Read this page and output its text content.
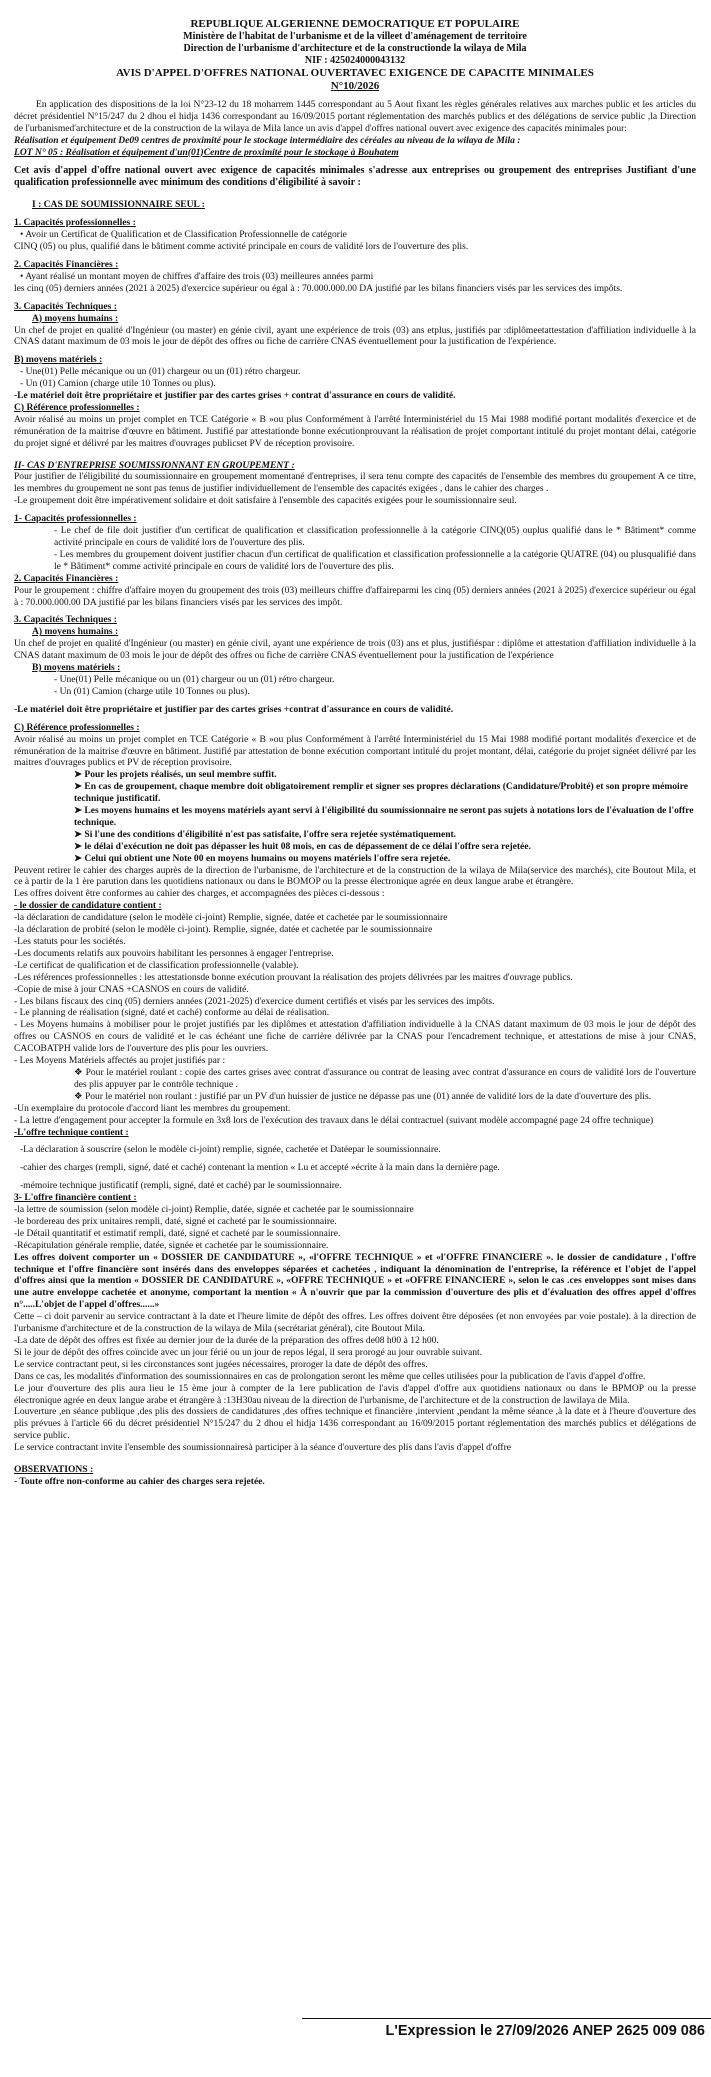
REPUBLIQUE ALGERIENNE DEMOCRATIQUE ET POPULAIRE
Ministère de l'habitat de l'urbanisme et de la villeet d'aménagement de territoire
Direction de l'urbanisme d'architecture et de la constructionde la wilaya de Mila
NIF : 425024000043132
AVIS D'APPEL D'OFFRES NATIONAL OUVERTAVEC EXIGENCE DE CAPACITE MINIMALES
N°10/2026

En application des dispositions de la loi N°23-12 du 18 moharrem 1445 correspondant au 5 Aout fixant les règles générales relatives aux marches public et les articles du décret présidentiel N°15/247 du 2 dhou el hidja 1436 correspondant au 16/09/2015 portant réglementation des marchés publics et des délégations de service public ,la Direction de l'urbanismed'architecture et de la construction de la wilaya de Mila lance un avis d'appel d'offres national ouvert avec exigence des capacités minimales pour:

Réalisation et équipement De09 centres de proximité pour le stockage intermédiaire des céréales au niveau de la wilaya de Mila :

LOT N° 05 : Réalisation et équipement d'un(01)Centre de proximité pour le stockage à Bouhatem

Cet avis d'appel d'offre national ouvert avec exigence de capacités minimales s'adresse aux entreprises ou groupement des entreprises Justifiant d'une qualification professionnelle avec minimum des conditions d'éligibilité à savoir :

I : CAS DE SOUMISSIONNAIRE SEUL :

1. Capacités professionnelles :

• Avoir un Certificat de Qualification et de Classification Professionnelle de catégorie

CINQ (05) ou plus, qualifié dans le bâtiment comme activité principale en cours de validité lors de l'ouverture des plis.

2. Capacités Financières :

• Ayant réalisé un montant moyen de chiffres d'affaire des trois (03) meilleures années parmi

les cinq (05) derniers années (2021 à 2025) d'exercice supérieur ou égal à : 70.000.000.00 DA justifié par les bilans financiers visés par les services des impôts.

3. Capacités Techniques :

A) moyens humains :

Un chef de projet en qualité d'Ingénieur (ou master) en génie civil, ayant une expérience de trois (03) ans etplus, justifiés par :diplômeetattestation d'affiliation individuelle à la CNAS datant maximum de 03 mois le jour de dépôt des offres ou fiche de carrière CNAS éventuellement pour la justification de l'expérience.

B) moyens matériels :

- Une(01) Pelle mécanique ou un (01) chargeur ou un (01) rétro chargeur.

- Un (01) Camion (charge utile 10 Tonnes ou plus).

-Le matériel doit être propriétaire et justifier par des cartes grises + contrat d'assurance en cours de validité.

C) Référence professionnelles :

Avoir réalisé au moins un projet complet en TCE Catégorie « B »ou plus Conformément à l'arrêté Interministériel du 15 Mai 1988 modifié portant modalités d'exercice et de rémunération de la maitrise d'œuvre en bâtiment. Justifié par attestationde bonne exécutionprouvant la réalisation de projet comportant intitulé du projet montant délai, catégorie du projet signé et délivré par les maitres d'ouvrages publicset PV de réception provisoire.

II- CAS D'ENTREPRISE SOUMISSIONNANT EN GROUPEMENT :

Pour justifier de l'éligibilité du soumissionnaire en groupement momentané d'entreprises, il sera tenu compte des capacités de l'ensemble des membres du groupement A ce titre, les membres du groupement ne sont pas tenus de justifier individuellement de l'ensemble des capacités exigées , dans le cahier des charges .

-Le groupement doit être impérativement solidaire et doit satisfaire à l'ensemble des capacités exigées pour le soumissionnaire seul.

1- Capacités professionnelles :

- Le chef de file doit justifier d'un certificat de qualification et classification professionnelle à la catégorie CINQ(05) ouplus qualifié dans le * Bâtiment* comme activité principale en cours de validité lors de l'ouverture des plis.

- Les membres du groupement doivent justifier chacun d'un certificat de qualification et classification professionnelle a la catégorie QUATRE (04) ou plusqualifié dans le * Bâtiment* comme activité principale en cours de validité lors de l'ouverture des plis.

2. Capacités Financières :

Pour le groupement : chiffre d'affaire moyen du groupement des trois (03) meilleurs chiffre d'affaireparmi les cinq (05) derniers années (2021 à 2025) d'exercice supérieur ou égal à : 70.000.000.00 DA justifié par les bilans financiers visés par les services des impôt.

3. Capacités Techniques :

A) moyens humains :

Un chef de projet en qualité d'Ingénieur (ou master) en génie civil, ayant une expérience de trois (03) ans et plus, justifiéspar : diplôme et attestation d'affiliation individuelle à la CNAS datant maximum de 03 mois le jour de dépôt des offres ou fiche de carrière CNAS éventuellement pour la justification de l'expérience

B) moyens matériels :

- Une(01) Pelle mécanique ou un (01) chargeur ou un (01) rétro chargeur.

- Un (01) Camion (charge utile 10 Tonnes ou plus).

-Le matériel doit être propriétaire et justifier par des cartes grises +contrat d'assurance en cours de validité.

C) Référence professionnelles :

Avoir réalisé au moins un projet complet en TCE Catégorie « B »ou plus Conformément à l'arrêté Interministériel du 15 Mai 1988 modifié portant modalités d'exercice et de rémunération de la maitrise d'œuvre en bâtiment. Justifié par attestation de bonne exécution comportant intitulé du projet montant, délai, catégorie du projet signéet délivré par les maitres d'ouvrages publics et PV de réception provisoire.

➤ Pour les projets réalisés, un seul membre suffit.

➤ En cas de groupement, chaque membre doit obligatoirement remplir et signer ses propres déclarations (Candidature/Probité) et son propre mémoire technique justificatif.

➤ Les moyens humains et les moyens matériels ayant servi à l'éligibilité du soumissionnaire ne seront pas sujets à notations lors de l'évaluation de l'offre technique.

➤ Si l'une des conditions d'éligibilité n'est pas satisfaite, l'offre sera rejetée systématiquement.

➤ le délai d'exécution ne doit pas dépasser les huit 08 mois, en cas de dépassement de ce délai l'offre sera rejetée.

➤ Celui qui obtient une Note 00 en moyens humains ou moyens matériels l'offre sera rejetée.

Peuvent retirer le cahier des charges auprès de la direction de l'urbanisme, de l'architecture et de la construction de la wilaya de Mila(service des marchés), cite Boutout Mila, et ce à partir de la 1 ère parution dans les quotidiens nationaux ou dans le BOMOP ou la presse électronique agrée en deux langue arabe et étrangère.

Les offres doivent être conformes au cahier des charges, et accompagnées des pièces ci-dessous :

- le dossier de candidature contient :

-la déclaration de candidature (selon le modèle ci-joint) Remplie, signée, datée et cachetée par le soumissionnaire

-la déclaration de probité (selon le modèle ci-joint). Remplie, signée, datée et cachetée par le soumissionnaire

-Les statuts pour les sociétés.

-Les documents relatifs aux pouvoirs habilitant les personnes à engager l'entreprise.

-Le certificat de qualification et de classification professionnelle (valable).

-Les références professionnelles : les attestationsde bonne exécution prouvant la réalisation des projets délivrées par les maitres d'ouvrage publics.

-Copie de mise à jour CNAS +CASNOS en cours de validité.

- Les bilans fiscaux des cinq (05) derniers années (2021-2025) d'exercice dument certifiés et visés par les services des impôts.

- Le planning de réalisation (signé, daté et caché) conforme au délai de réalisation.

- Les Moyens humains à mobiliser pour le projet justifiés par les diplômes et attestation d'affiliation individuelle à la CNAS datant maximum de 03 mois le jour de dépôt des offres ou CASNOS en cours de validité et le cas échéant une fiche de carrière délivrée par la CNAS pour l'encadrement technique, et attestations de mise à jour CNAS, CACOBATPH valide lors de l'ouverture des plis pour les ouvriers.

- Les Moyens Matériels affectés au projet justifiés par :

❖ Pour le matériel roulant : copie des cartes grises avec contrat d'assurance ou contrat de leasing avec contrat d'assurance en cours de validité lors de l'ouverture des plis appuyer par le contrôle technique .

❖ Pour le matériel non roulant : justifié par un PV d'un huissier de justice ne dépasse pas une (01) année de validité lors de la date d'ouverture des plis.

-Un exemplaire du protocole d'accord liant les membres du groupement.

- La lettre d'engagement pour accepter la formule en 3x8 lors de l'exécution des travaux dans le délai contractuel (suivant modèle accompagné page 24 offre technique)

-L'offre technique contient :

-La déclaration à souscrire (selon le modèle ci-joint) remplie, signée, cachetée et Datéepar le soumissionnaire.

-cahier des charges (rempli, signé, daté et caché) contenant la mention « Lu et accepté »écrite à la main dans la dernière page.

-mémoire technique justificatif (rempli, signé, daté et caché) par le soumissionnaire.

3- L'offre financière contient :

-la lettre de soumission (selon modèle ci-joint) Remplie, datée, signée et cachetée par le soumissionnaire

-le bordereau des prix unitaires rempli, daté, signé et cacheté par le soumissionnaire.

-le Détail quantitatif et estimatif rempli, daté, signé et cacheté par le soumissionnaire.

-Récapitulation générale remplie, datée, signée et cachetée par le soumissionnaire.

Les offres doivent comporter un « DOSSIER DE CANDIDATURE », «l'OFFRE TECHNIQUE » et «l'OFFRE FINANCIERE ». le dossier de candidature , l'offre technique et l'offre financière sont insérés dans des enveloppes séparées et cachetées , indiquant la dénomination de l'entreprise, la référence et l'objet de l'appel d'offres ainsi que la mention « DOSSIER DE CANDIDATURE », «OFFRE TECHNIQUE » et «OFFRE FINANCIERE », selon le cas .ces enveloppes sont mises dans une autre enveloppe cachetée et anonyme, comportant la mention « À n'ouvrir que par la commission d'ouverture des plis et d'évaluation des offres appel d'offres n°.....L'objet de l'appel d'offres......»

Cette – ci doit parvenir au service contractant à la date et l'heure limite de dépôt des offres. Les offres doivent être déposées (et non envoyées par voie postale). à la direction de l'urbanisme d'architecture et de la construction de la wilaya de Mila (secrétariat général), cite Boutout Mila.

-La date de dépôt des offres est fixée au dernier jour de la durée de la préparation des offres de08 h00 à 12 h00.

Si le jour de dépôt des offres coïncide avec un jour férié ou un jour de repos légal, il sera prorogé au jour ouvrable suivant.

Le service contractant peut, si les circonstances sont jugées nécessaires, proroger la date de dépôt des offres.

Dans ce cas, les modalités d'information des soumissionnaires en cas de prolongation seront les même que celles utilisées pour la publication de l'avis d'appel d'offre.

Le jour d'ouverture des plis aura lieu le 15 ème jour à compter de la 1ere publication de l'avis d'appel d'offre aux quotidiens nationaux ou dans le BPMOP ou la presse électronique agrée en deux langue arabe et étrangère à :13H30au niveau de la direction de l'urbanisme, de l'architecture et de la construction de lawilaya de Mila.

Louverture ,en séance publique ,des plis des dossiers de candidatures ,des offres technique et financière ,intervient ,pendant la même séance ,à la date et à l'heure d'ouverture des plis prévues à l'article 66 du décret présidentiel N°15/247 du 2 dhou el hidja 1436 correspondant au 16/09/2015 portant réglementation des marchés publics et délégations de service public.

Le service contractant invite l'ensemble des soumissionnairesà participer à la séance d'ouverture des plis dans l'avis d'appel d'offre

OBSERVATIONS :

- Toute offre non-conforme au cahier des charges sera rejetée.

L'Expression le 27/09/2026 ANEP 2625 009 086
